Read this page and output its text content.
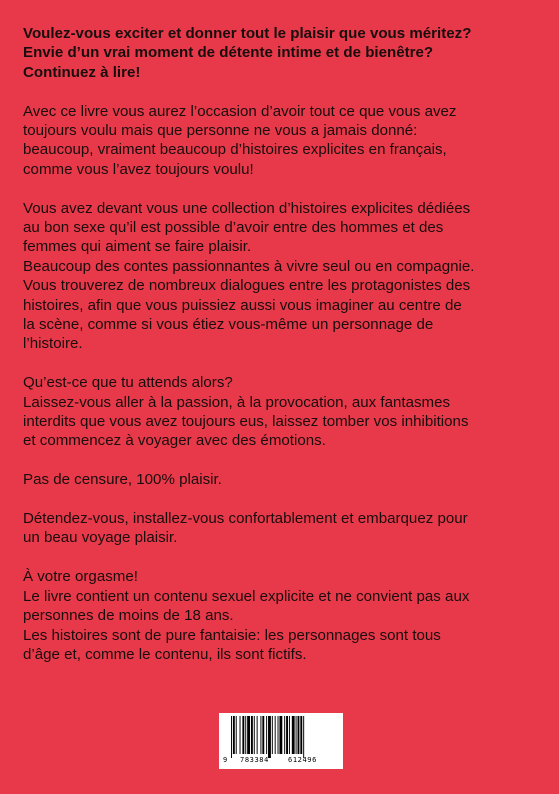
Voulez-vous exciter et donner tout le plaisir que vous méritez?
Envie d’un vrai moment de détente intime et de bienêtre?
Continuez à lire!

Avec ce livre vous aurez l’occasion d’avoir tout ce que vous avez
toujours voulu mais que personne ne vous a jamais donné:
beaucoup, vraiment beaucoup d’histoires explicites en français,
comme vous l’avez toujours voulu!

Vous avez devant vous une collection d’histoires explicites dédiées
au bon sexe qu’il est possible d’avoir entre des hommes et des
femmes qui aiment se faire plaisir.
Beaucoup des contes passionnantes à vivre seul ou en compagnie.
Vous trouverez de nombreux dialogues entre les protagonistes des
histoires, afin que vous puissiez aussi vous imaginer au centre de
la scène, comme si vous étiez vous-même un personnage de
l’histoire.

Qu’est-ce que tu attends alors?
Laissez-vous aller à la passion, à la provocation, aux fantasmes
interdits que vous avez toujours eus, laissez tomber vos inhibitions
et commencez à voyager avec des émotions.

Pas de censure, 100% plaisir.

Détendez-vous, installez-vous confortablement et embarquez pour
un beau voyage plaisir.

À votre orgasme!
Le livre contient un contenu sexuel explicite et ne convient pas aux
personnes de moins de 18 ans.
Les histoires sont de pure fantaisie: les personnages sont tous
d’âge et, comme le contenu, ils sont fictifs.

9 783384	612496
